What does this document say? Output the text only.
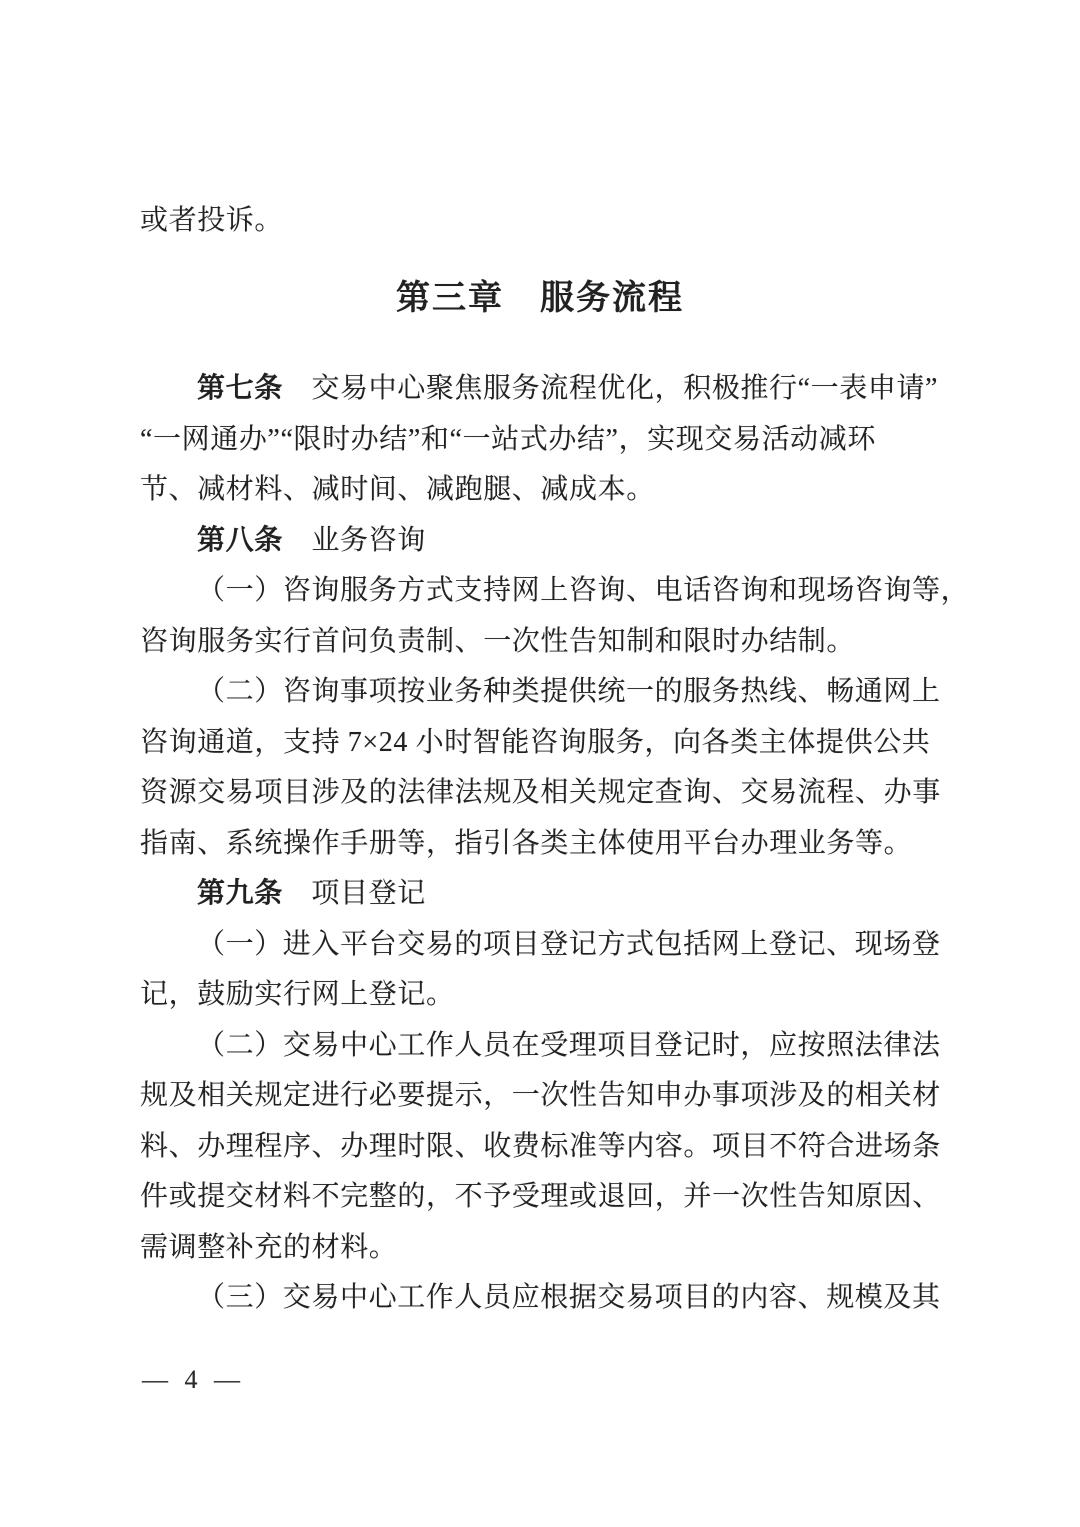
或者投诉。
第三章　服务流程
第七条　交易中心聚焦服务流程优化，积极推行“一表申请”
“一网通办”“限时办结”和“一站式办结”，实现交易活动减环
节、减材料、减时间、减跑腿、减成本。
第八条　业务咨询
（一）咨询服务方式支持网上咨询、电话咨询和现场咨询等，
咨询服务实行首问负责制、一次性告知制和限时办结制。
（二）咨询事项按业务种类提供统一的服务热线、畅通网上
咨询通道，支持 7×24 小时智能咨询服务，向各类主体提供公共
资源交易项目涉及的法律法规及相关规定查询、交易流程、办事
指南、系统操作手册等，指引各类主体使用平台办理业务等。
第九条　项目登记
（一）进入平台交易的项目登记方式包括网上登记、现场登
记，鼓励实行网上登记。
（二）交易中心工作人员在受理项目登记时，应按照法律法
规及相关规定进行必要提示，一次性告知申办事项涉及的相关材
料、办理程序、办理时限、收费标准等内容。项目不符合进场条
件或提交材料不完整的，不予受理或退回，并一次性告知原因、
需调整补充的材料。
（三）交易中心工作人员应根据交易项目的内容、规模及其
— 4 —
